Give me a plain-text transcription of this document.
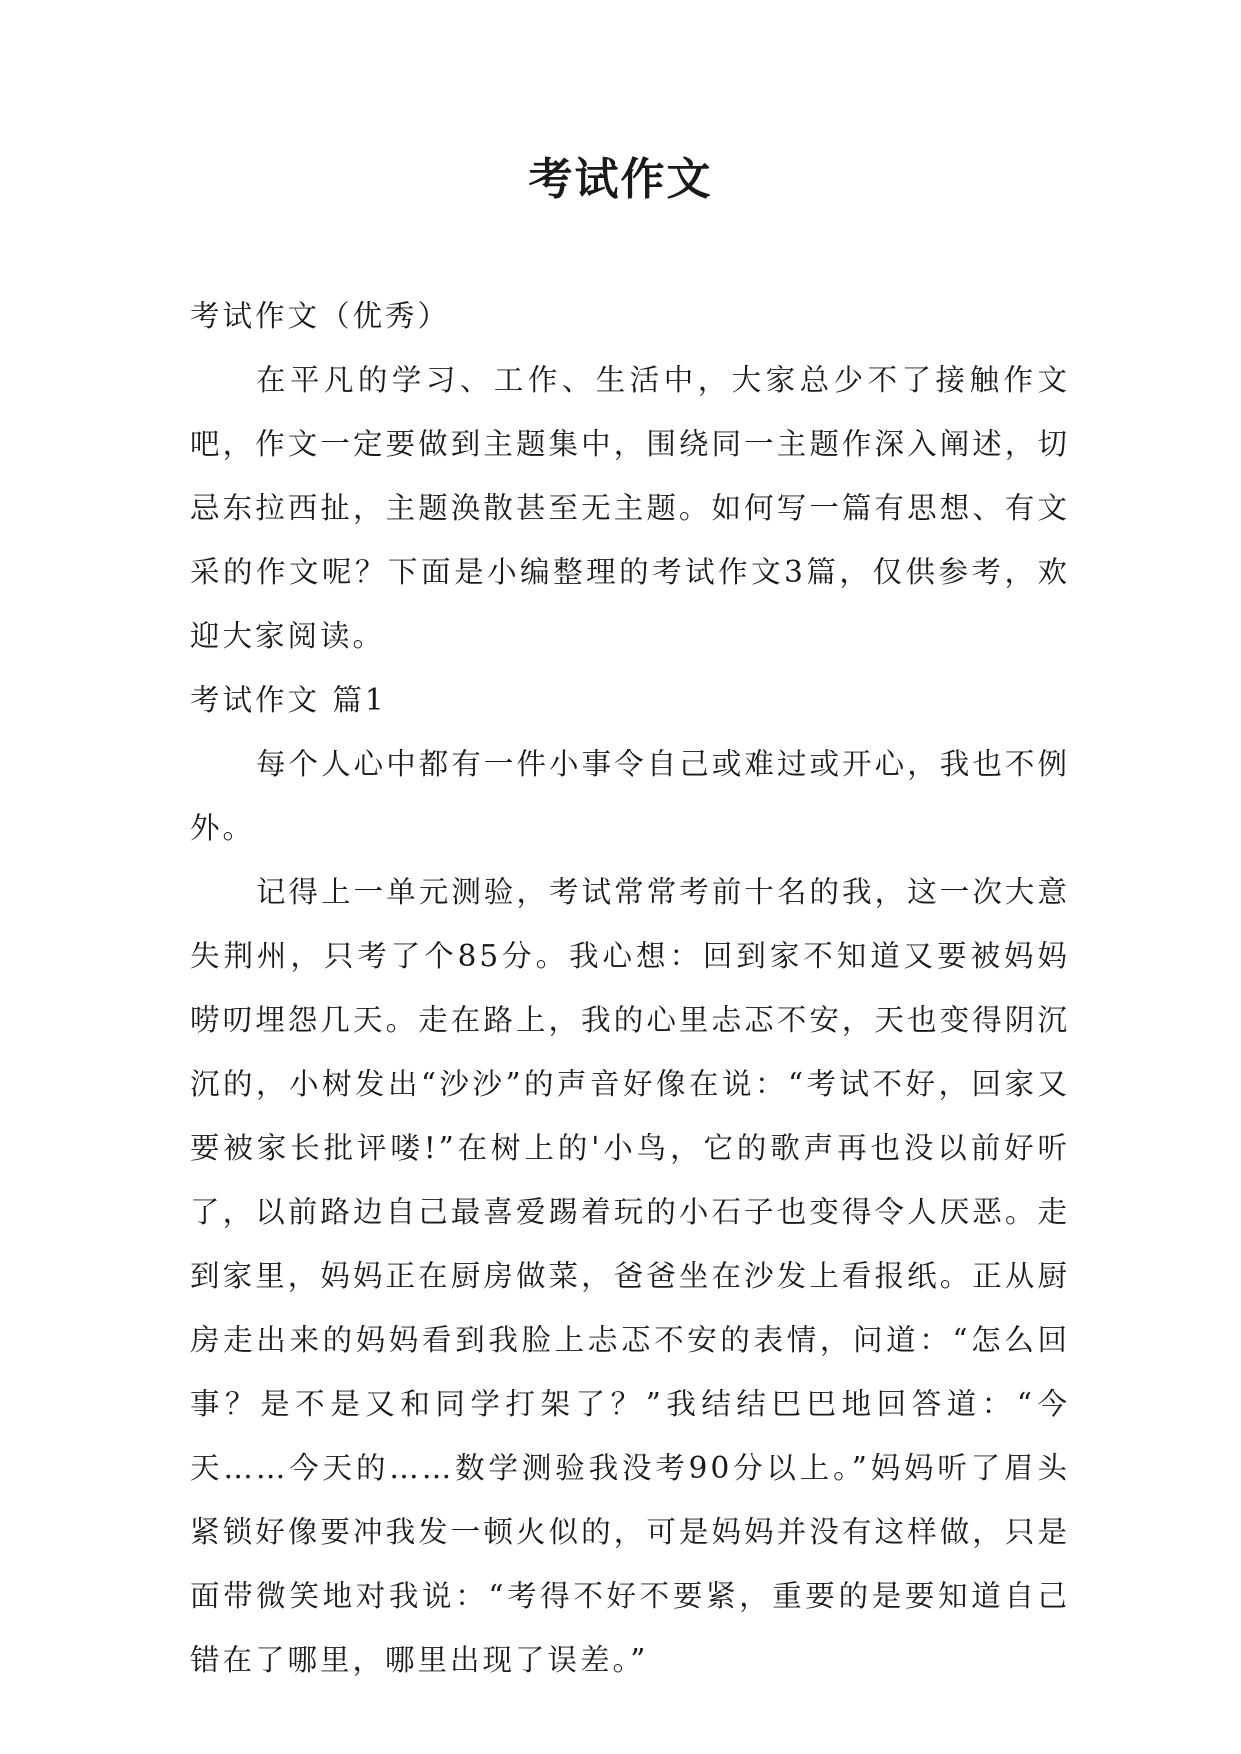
考试作文

考试作文（优秀）

在平凡的学习、工作、生活中，大家总少不了接触作文吧，作文一定要做到主题集中，围绕同一主题作深入阐述，切忌东拉西扯，主题涣散甚至无主题。如何写一篇有思想、有文采的作文呢？下面是小编整理的考试作文3篇，仅供参考，欢迎大家阅读。

考试作文 篇1

每个人心中都有一件小事令自己或难过或开心，我也不例外。

记得上一单元测验，考试常常考前十名的我，这一次大意失荆州，只考了个85分。我心想：回到家不知道又要被妈妈唠叨埋怨几天。走在路上，我的心里忐忑不安，天也变得阴沉沉的，小树发出“沙沙”的声音好像在说：“考试不好，回家又要被家长批评喽!”在树上的'小鸟，它的歌声再也没以前好听了，以前路边自己最喜爱踢着玩的小石子也变得令人厌恶。走到家里，妈妈正在厨房做菜，爸爸坐在沙发上看报纸。正从厨房走出来的妈妈看到我脸上忐忑不安的表情，问道：“怎么回事？是不是又和同学打架了？”我结结巴巴地回答道：“今天……今天的……数学测验我没考90分以上。”妈妈听了眉头紧锁好像要冲我发一顿火似的，可是妈妈并没有这样做，只是面带微笑地对我说：“考得不好不要紧，重要的是要知道自己错在了哪里，哪里出现了误差。”
